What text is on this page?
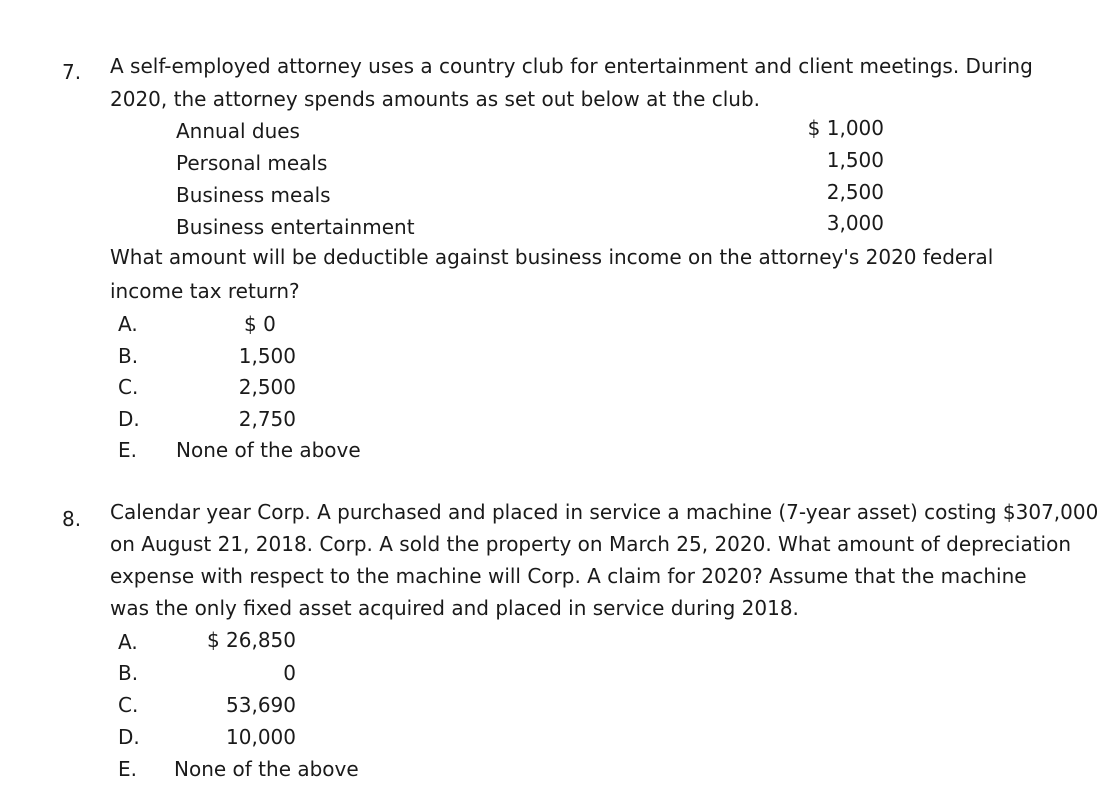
7. A self-employed attorney uses a country club for entertainment and client meetings. During
2020, the attorney spends amounts as set out below at the club.
Annual dues	$ 1,000
Personal meals	1,500
Business meals	2,500
Business entertainment	3,000
What amount will be deductible against business income on the attorney's 2020 federal
income tax return?
A.	$ 0
B.	1,500
C.	2,500
D.	2,750
E. None of the above
8. Calendar year Corp. A purchased and placed in service a machine (7-year asset) costing $307,000
on August 21, 2018. Corp. A sold the property on March 25, 2020. What amount of depreciation
expense with respect to the machine will Corp. A claim for 2020? Assume that the machine
was the only fixed asset acquired and placed in service during 2018.
A.	$ 26,850
B.	0
C.	53,690
D.	10,000
E. None of the above
